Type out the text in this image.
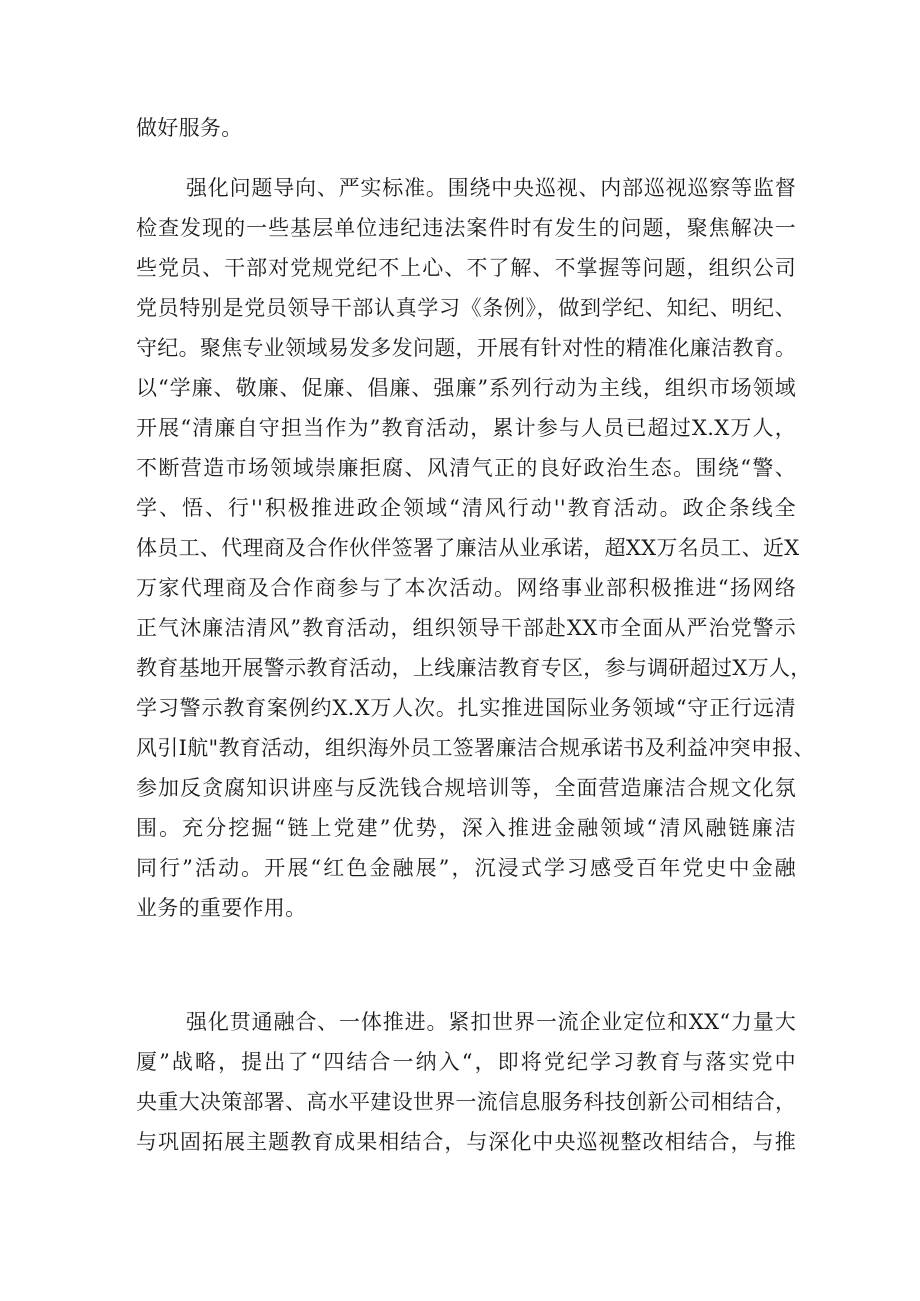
做好服务。
强化问题导向、严实标准。围绕中央巡视、内部巡视巡察等监督
检查发现的一些基层单位违纪违法案件时有发生的问题，聚焦解决一
些党员、干部对党规党纪不上心、不了解、不掌握等问题，组织公司
党员特别是党员领导干部认真学习《条例》，做到学纪、知纪、明纪、
守纪。聚焦专业领域易发多发问题，开展有针对性的精准化廉洁教育。
以“学廉、敬廉、促廉、倡廉、强廉”系列行动为主线，组织市场领域
开展“清廉自守担当作为”教育活动，累计参与人员已超过X.X万人，
不断营造市场领域崇廉拒腐、风清气正的良好政治生态。围绕“警、
学、悟、行''积极推进政企领域“清风行动''教育活动。政企条线全
体员工、代理商及合作伙伴签署了廉洁从业承诺，超XX万名员工、近X
万家代理商及合作商参与了本次活动。网络事业部积极推进“扬网络
正气沐廉洁清风”教育活动，组织领导干部赴XX市全面从严治党警示
教育基地开展警示教育活动，上线廉洁教育专区，参与调研超过X万人，
学习警示教育案例约X.X万人次。扎实推进国际业务领域“守正行远清
风引I航"教育活动，组织海外员工签署廉洁合规承诺书及利益冲突申报、
参加反贪腐知识讲座与反洗钱合规培训等，全面营造廉洁合规文化氛
围。充分挖掘“链上党建”优势，深入推进金融领域“清风融链廉洁
同行”活动。开展“红色金融展”，沉浸式学习感受百年党史中金融
业务的重要作用。
强化贯通融合、一体推进。紧扣世界一流企业定位和XX“力量大
厦”战略，提出了“四结合一纳入“，即将党纪学习教育与落实党中
央重大决策部署、高水平建设世界一流信息服务科技创新公司相结合，
与巩固拓展主题教育成果相结合，与深化中央巡视整改相结合，与推
